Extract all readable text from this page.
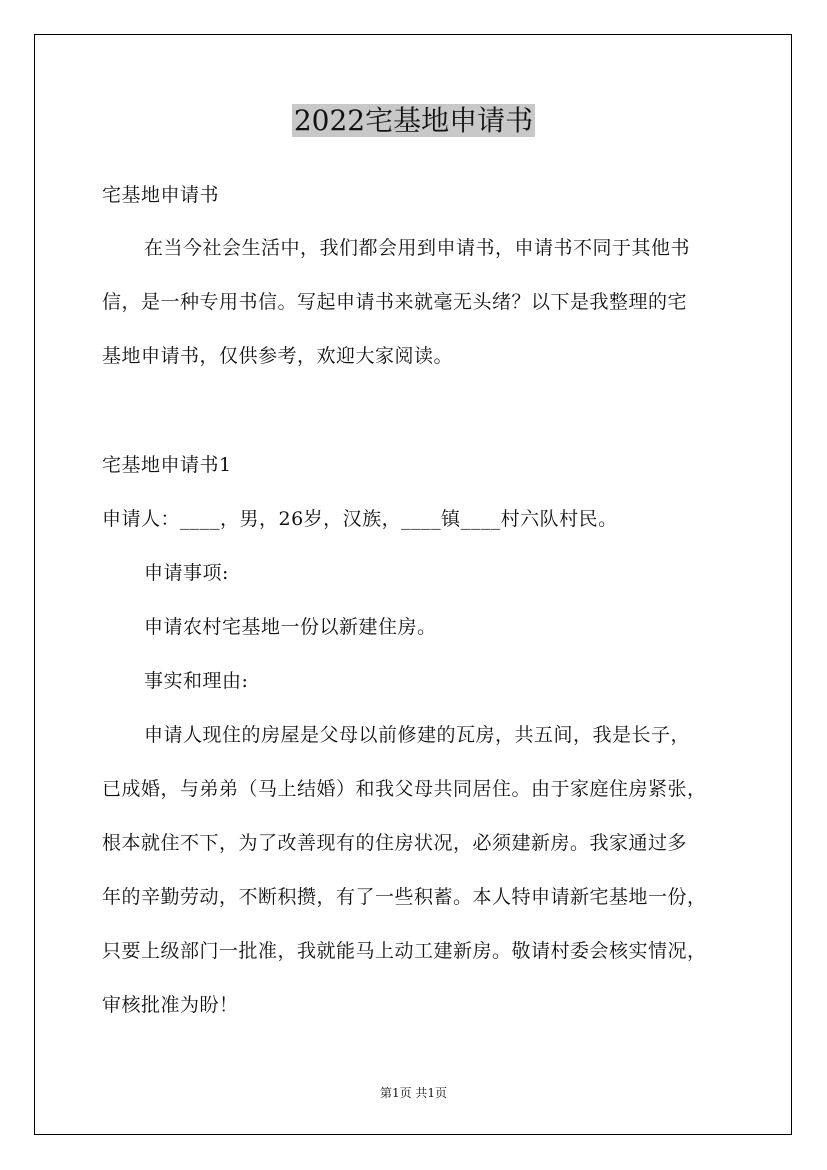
2022宅基地申请书
宅基地申请书
在当今社会生活中，我们都会用到申请书，申请书不同于其他书
信，是一种专用书信。写起申请书来就毫无头绪？以下是我整理的宅
基地申请书，仅供参考，欢迎大家阅读。
宅基地申请书1
申请人：____，男，26岁，汉族，____镇____村六队村民。
申请事项:
申请农村宅基地一份以新建住房。
事实和理由:
申请人现住的房屋是父母以前修建的瓦房，共五间，我是长子，
已成婚，与弟弟（马上结婚）和我父母共同居住。由于家庭住房紧张，
根本就住不下，为了改善现有的住房状况，必须建新房。我家通过多
年的辛勤劳动，不断积攒，有了一些积蓄。本人特申请新宅基地一份，
只要上级部门一批准，我就能马上动工建新房。敬请村委会核实情况，
审核批准为盼！
第1页 共1页
